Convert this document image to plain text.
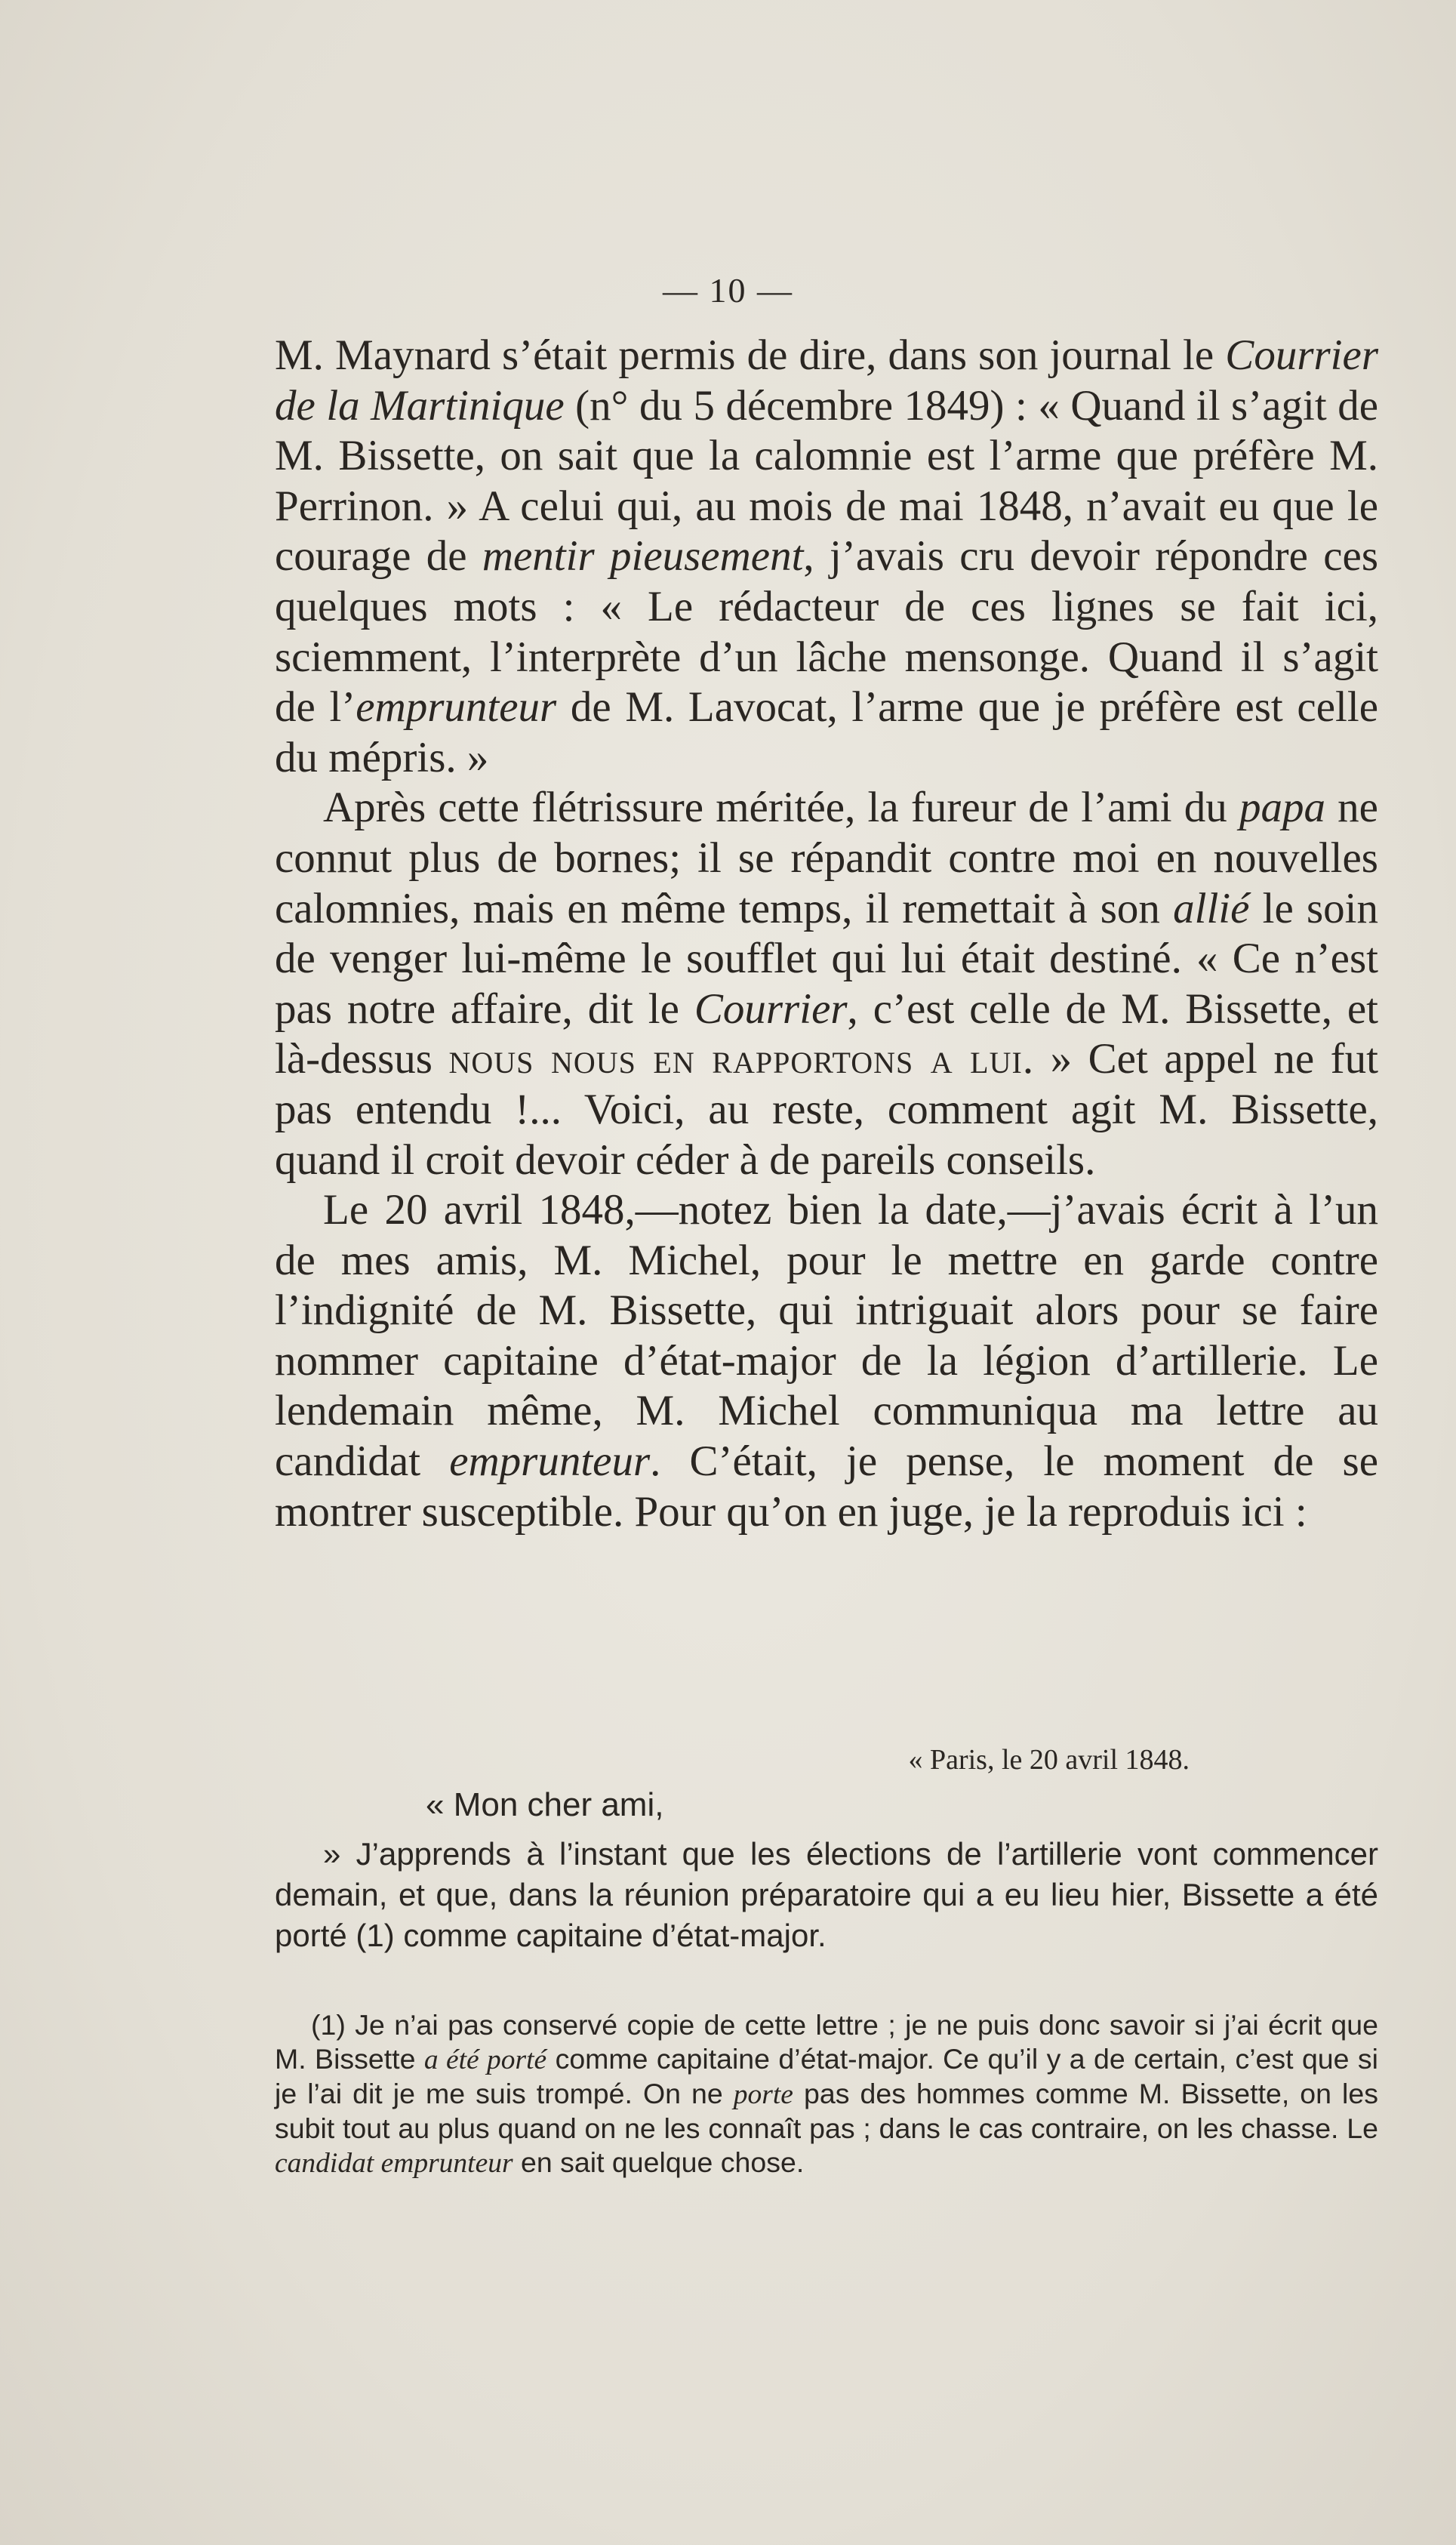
— 10 —

M. Maynard s’était permis de dire, dans son journal le Courrier de la Martinique (n° du 5 décembre 1849) : « Quand il s’agit de M. Bissette, on sait que la calomnie est l’arme que préfère M. Perrinon. » A celui qui, au mois de mai 1848, n’avait eu que le courage de mentir pieusement, j’avais cru devoir répondre ces quelques mots : « Le rédacteur de ces lignes se fait ici, sciemment, l’interprète d’un lâche mensonge. Quand il s’agit de l’emprunteur de M. Lavocat, l’arme que je préfère est celle du mépris. »

Après cette flétrissure méritée, la fureur de l’ami du papa ne connut plus de bornes; il se répandit contre moi en nouvelles calomnies, mais en même temps, il remettait à son allié le soin de venger lui-même le soufflet qui lui était destiné. « Ce n’est pas notre affaire, dit le Courrier, c’est celle de M. Bissette, et là-dessus nous nous en rapportons a lui. » Cet appel ne fut pas entendu !... Voici, au reste, comment agit M. Bissette, quand il croit devoir céder à de pareils conseils.

Le 20 avril 1848,—notez bien la date,—j’avais écrit à l’un de mes amis, M. Michel, pour le mettre en garde contre l’indignité de M. Bissette, qui intriguait alors pour se faire nommer capitaine d’état-major de la légion d’artillerie. Le lendemain même, M. Michel communiqua ma lettre au candidat emprunteur. C’était, je pense, le moment de se montrer susceptible. Pour qu’on en juge, je la reproduis ici :

« Paris, le 20 avril 1848.
« Mon cher ami,

» J’apprends à l’instant que les élections de l’artillerie vont commencer demain, et que, dans la réunion préparatoire qui a eu lieu hier, Bissette a été porté (1) comme capitaine d’état-major.

(1) Je n’ai pas conservé copie de cette lettre ; je ne puis donc savoir si j’ai écrit que M. Bissette a été porté comme capitaine d’état-major. Ce qu’il y a de certain, c’est que si je l’ai dit je me suis trompé. On ne porte pas des hommes comme M. Bissette, on les subit tout au plus quand on ne les connaît pas ; dans le cas contraire, on les chasse. Le candidat emprunteur en sait quelque chose.
